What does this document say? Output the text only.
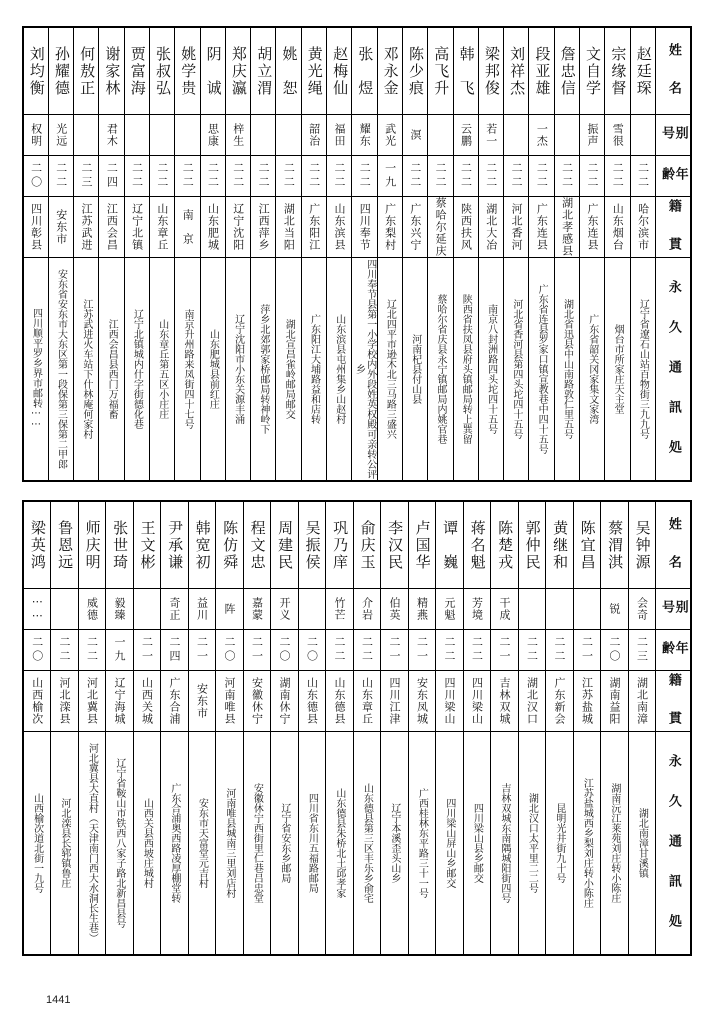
刘均衡	孙耀德	何敖正	谢家林	贾富海	张叔弘	姚学贵	阴　诚	郑庆瀛	胡立渭	姚　恕	黄光绳	赵梅仙	张　煜	邓永金	陈少痕	高飞升	韩　飞	梁邦俊	刘祥杰	段亚雄	詹忠信	文自学	宗缘督	赵廷琛	姓　名

权明	光远		君木				思康	梓生			韶治	福田	耀东	武光	溟		云鹏	若一		一杰		振声	雪很		别　号

二〇	二二	二三	二四	二二	二二	二二	二二	二二	二二	二二	二二	二二	二二	一九	二二	二二	二二	二二	二二	二二	二二	二二	二二	二二	年　齢

四川彰县	安东市	江苏武进	江西会昌	辽宁北镇	山东章丘	南　京	山东肥城	辽宁沈阳	江西萍乡	湖北当阳	广东阳江	山东滨县	四川奉节	广东梨村	广东兴宁	蔡哈尔延庆	陕西扶风	湖北大冶	河北香河	广东连县	湖北孝感县	广东连县	山东烟台	哈尔滨市	籍　貫

四川顺平罗乡界市邮转⋯⋯	安东省安东市大东区第一段保第三保第二甲郎	江苏武进火车站下什林庵何家村	江西会昌县西门万福畜	辽宁北镇城内什字街德化巷	山东章丘第五区小庄庄	南京升州路来凤街四十七号	山东肥城县前红庄	辽宁沈阳市小东关源丰涌	萍乡北郊郭家桥邮局转神岭下	湖北宣昌雀岭邮局邮交	广东阳江大埔路益和店转	山东滨县屯州集乡山赵村	四川奉节县第一小学校内外段姓英权殿可亲转公评乡	辽北四平市逊木北三马路三盛兴	河南杞县付山县	蔡哈尔省庆县永宁镇邮局内姚官巷	陕西省扶凤县府头镇邮局转上巽留	南京八封洲路四头坨四十五号	河北省香河县第四头坨四十五号	广东省连县罗家口镇宣教巷中四十五号	湖北省迅县中山南路敦仁里五号	广东省韶关冈家集文家湾	烟台市所家庄天主堂	辽宁省遼石山站百物街三九九号	永 久 通 訊 処
梁英鸿	鲁恩远	师庆明	张世琦	王文彬	尹承谦	韩宽初	陈仿舜	程文忠	周建民	吴振侯	巩乃庠	俞庆玉	李汉民	卢国华	谭　巍	蒋名魁	陈楚戎	郭仲民	黄继和	陈宜昌	蔡渭淇	吴钟源	姓　名

⋯⋯		威德	毅臻		奇正	益川	阵	嘉蒙	开义		竹芒	介岩	伯英	精燕	元魁	芳境	干成				锐	会奇	别　号

二〇	二二	二二	一九	二一	二四	二一	二〇	二一	二〇	二〇	二二	二二	二一	二一	二二	二二	二一	二二	二二	二一	二〇	二三	年　齢

山西榆次	河北滦县	河北冀县	辽宁海城	山西关城	广东合浦	安东市	河南唯县	安徽休宁	湖南休宁	山东德县	山东德县	山东章丘	四川江津	安东凤城	四川梁山	四川梁山	吉林双城	湖北汉口	广东新会	江苏盐城	湖南益阳	湖北南漳	籍　貫

山西榆次道北街一九号	河北滦县长郓镇鲁庄	河北冀县大直村（天津南门西大水洞长生巷）	辽宁省鞍山市铁西八家子路北新昌县号	山西关县西坡庄城村	广东合浦奥西路凌厚棚堂转	安东市天富堂元吉村	河南唯县城南三里刘店村	安徽休宁西街里仁巷吕忠堂	辽宁省安东乡邮局	四川省东川五福路邮局	山东德县朱桥北土邱孝家	山东德县第三区丰乐乡俞宅	辽宁本溪歪头山乡	广西桂林东平路三十一号	四川梁山屏山乡邮交	四川梁山县乡邮交	吉林双城东南隅城阳街四号	湖北汉口太平里二二号	昆明光井街九十号	江苏盐城西乡梨刘庄转小陈庄	湖南沅江莱苑刘庄转小陈庄	湖北南漳甘溪镇	永 久 通 訊 処
1441
